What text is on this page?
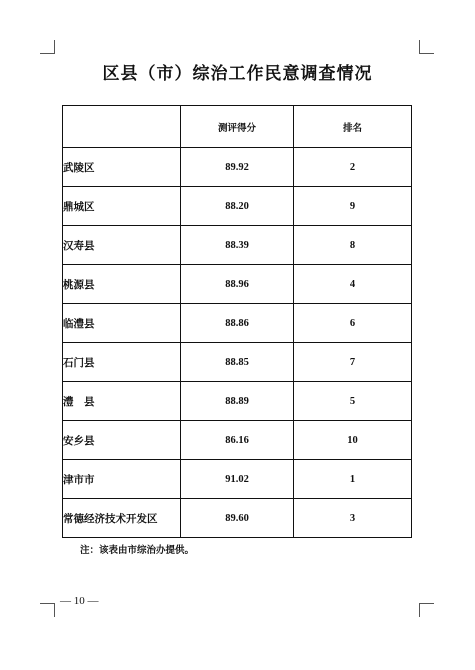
区县（市）综治工作民意调查情况
	测评得分	排名
武陵区	89.92	2
鼎城区	88.20	9
汉寿县	88.39	8
桃源县	88.96	4
临澧县	88.86	6
石门县	88.85	7
澧　县	88.89	5
安乡县	86.16	10
津市市	91.02	1
常德经济技术开发区	89.60	3
注：该表由市综治办提供。
— 10 —
